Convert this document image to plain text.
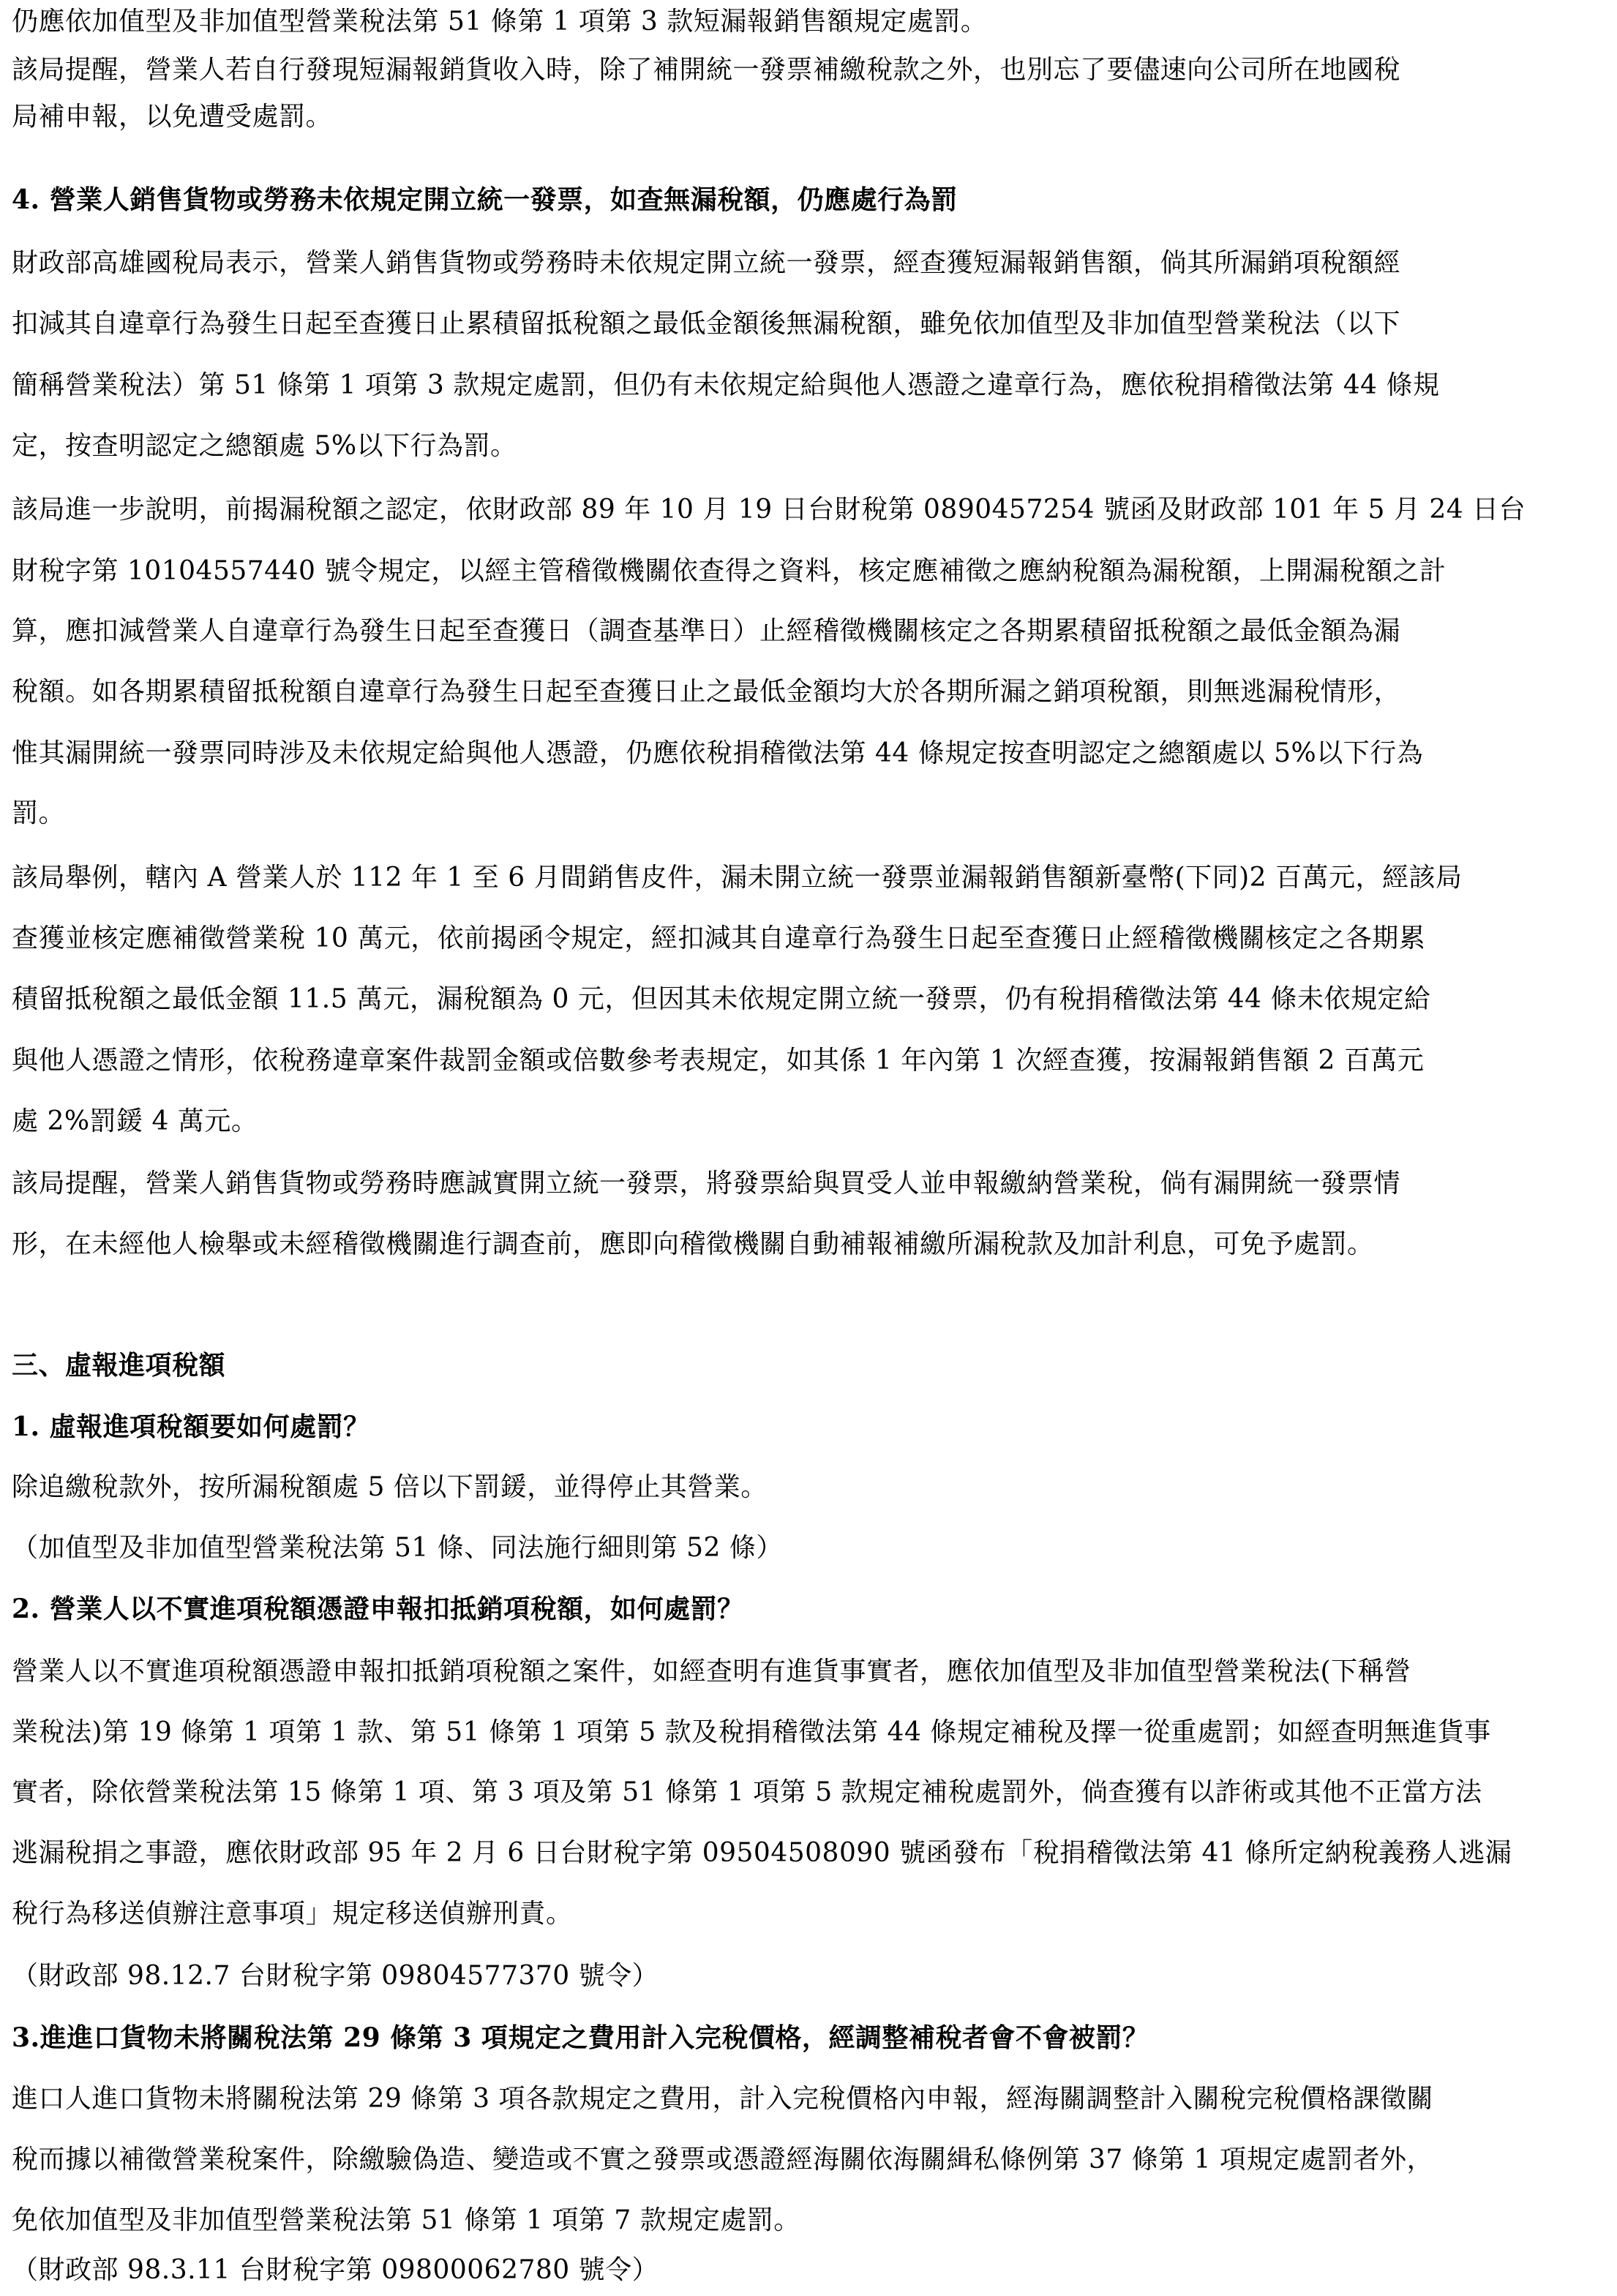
仍應依加值型及非加值型營業稅法第 51 條第 1 項第 3 款短漏報銷售額規定處罰。
該局提醒，營業人若自行發現短漏報銷貨收入時，除了補開統一發票補繳稅款之外，也別忘了要儘速向公司所在地國稅
局補申報，以免遭受處罰。
4. 營業人銷售貨物或勞務未依規定開立統一發票，如查無漏稅額，仍應處行為罰
財政部高雄國稅局表示，營業人銷售貨物或勞務時未依規定開立統一發票，經查獲短漏報銷售額，倘其所漏銷項稅額經
扣減其自違章行為發生日起至查獲日止累積留抵稅額之最低金額後無漏稅額，雖免依加值型及非加值型營業稅法（以下
簡稱營業稅法）第 51 條第 1 項第 3 款規定處罰，但仍有未依規定給與他人憑證之違章行為，應依稅捐稽徵法第 44 條規
定，按查明認定之總額處 5%以下行為罰。
該局進一步說明，前揭漏稅額之認定，依財政部 89 年 10 月 19 日台財稅第 0890457254 號函及財政部 101 年 5 月 24 日台
財稅字第 10104557440 號令規定，以經主管稽徵機關依查得之資料，核定應補徵之應納稅額為漏稅額，上開漏稅額之計
算，應扣減營業人自違章行為發生日起至查獲日（調查基準日）止經稽徵機關核定之各期累積留抵稅額之最低金額為漏
稅額。如各期累積留抵稅額自違章行為發生日起至查獲日止之最低金額均大於各期所漏之銷項稅額，則無逃漏稅情形，
惟其漏開統一發票同時涉及未依規定給與他人憑證，仍應依稅捐稽徵法第 44 條規定按查明認定之總額處以 5%以下行為
罰。
該局舉例，轄內 A 營業人於 112 年 1 至 6 月間銷售皮件，漏未開立統一發票並漏報銷售額新臺幣(下同)2 百萬元，經該局
查獲並核定應補徵營業稅 10 萬元，依前揭函令規定，經扣減其自違章行為發生日起至查獲日止經稽徵機關核定之各期累
積留抵稅額之最低金額 11.5 萬元，漏稅額為 0 元，但因其未依規定開立統一發票，仍有稅捐稽徵法第 44 條未依規定給
與他人憑證之情形，依稅務違章案件裁罰金額或倍數參考表規定，如其係 1 年內第 1 次經查獲，按漏報銷售額 2 百萬元
處 2%罰鍰 4 萬元。
該局提醒，營業人銷售貨物或勞務時應誠實開立統一發票，將發票給與買受人並申報繳納營業稅，倘有漏開統一發票情
形，在未經他人檢舉或未經稽徵機關進行調查前，應即向稽徵機關自動補報補繳所漏稅款及加計利息，可免予處罰。
三、虛報進項稅額
1. 虛報進項稅額要如何處罰？
除追繳稅款外，按所漏稅額處 5 倍以下罰鍰，並得停止其營業。
（加值型及非加值型營業稅法第 51 條、同法施行細則第 52 條）
2. 營業人以不實進項稅額憑證申報扣抵銷項稅額，如何處罰？
營業人以不實進項稅額憑證申報扣抵銷項稅額之案件，如經查明有進貨事實者，應依加值型及非加值型營業稅法(下稱營
業稅法)第 19 條第 1 項第 1 款、第 51 條第 1 項第 5 款及稅捐稽徵法第 44 條規定補稅及擇一從重處罰；如經查明無進貨事
實者，除依營業稅法第 15 條第 1 項、第 3 項及第 51 條第 1 項第 5 款規定補稅處罰外，倘查獲有以詐術或其他不正當方法
逃漏稅捐之事證，應依財政部 95 年 2 月 6 日台財稅字第 09504508090 號函發布「稅捐稽徵法第 41 條所定納稅義務人逃漏
稅行為移送偵辦注意事項」規定移送偵辦刑責。
（財政部 98.12.7 台財稅字第 09804577370 號令）
3.進進口貨物未將關稅法第 29 條第 3 項規定之費用計入完稅價格，經調整補稅者會不會被罰？
進口人進口貨物未將關稅法第 29 條第 3 項各款規定之費用，計入完稅價格內申報，經海關調整計入關稅完稅價格課徵關
稅而據以補徵營業稅案件，除繳驗偽造、變造或不實之發票或憑證經海關依海關緝私條例第 37 條第 1 項規定處罰者外，
免依加值型及非加值型營業稅法第 51 條第 1 項第 7 款規定處罰。
（財政部 98.3.11 台財稅字第 09800062780 號令）
